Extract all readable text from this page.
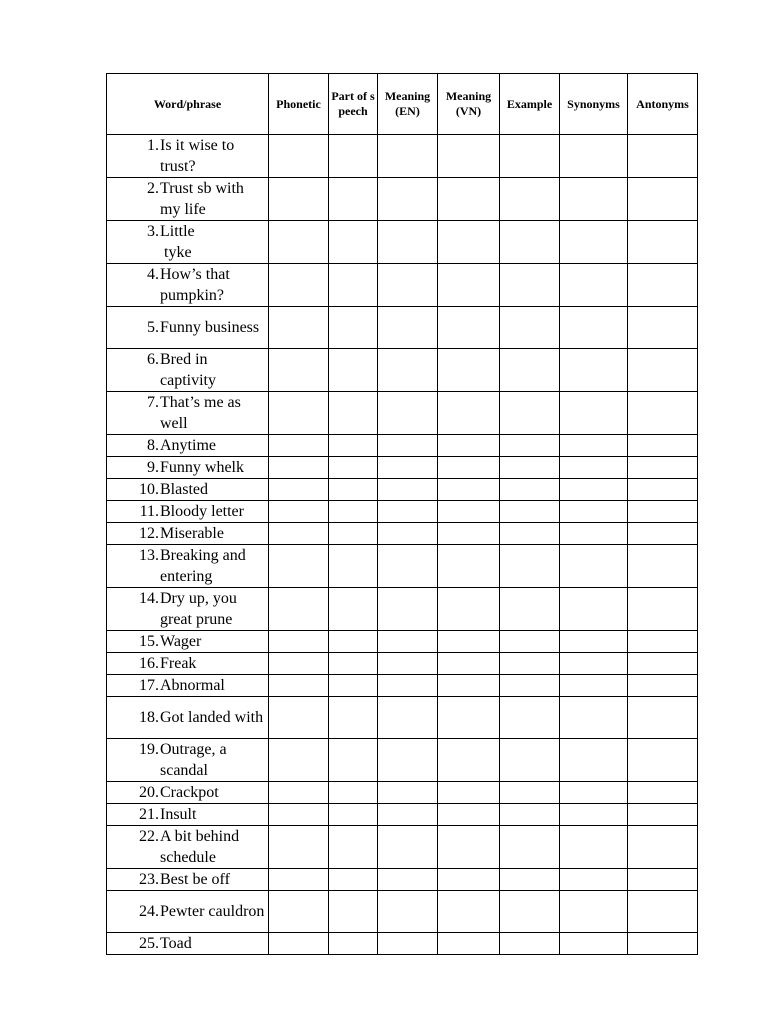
Word/phrase	Phonetic	Part of speech	Meaning (EN)	Meaning (VN)	Example	Synonyms	Antonyms

1. Is it wise to trust?							

2. Trust sb with my life							

3. Little
tyke							

4. How’s that pumpkin?							

5. Funny business							

6. Bred in captivity							

7. That’s me as well							

8. Anytime							

9. Funny whelk							

10. Blasted							

11. Bloody letter							

12. Miserable							

13. Breaking and entering							

14. Dry up, you great prune							

15. Wager							

16. Freak							

17. Abnormal							

18. Got landed with							

19. Outrage, a scandal							

20. Crackpot							

21. Insult							

22. A bit behind schedule							

23. Best be off							

24. Pewter cauldron							

25. Toad							
